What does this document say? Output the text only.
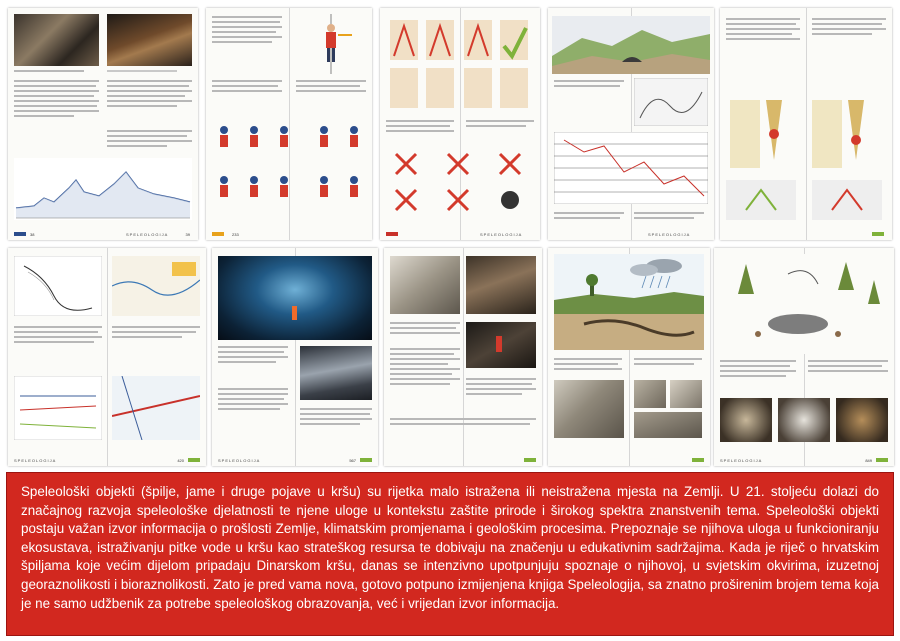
38	SPELEOLOGIJA	39	233	SPELEOLOGIJA	SPELEOLOGIJA
SPELEOLOGIJA	420	SPELEOLOGIJA	567	SPELEOLOGIJA	849

Speleološki objekti (špilje, jame i druge pojave u kršu) su rijetka malo istražena ili neistražena mjesta na Zemlji. U 21. stoljeću dolazi do značajnog razvoja speleološke djelatnosti te njene uloge u kontekstu zaštite prirode i širokog spektra znanstvenih tema. Speleološki objekti postaju važan izvor informacija o prošlosti Zemlje, klimatskim promjenama i geološkim procesima. Prepoznaje se njihova uloga u funkcioniranju ekosustava, istraživanju pitke vode u kršu kao strateškog resursa te dobivaju na značenju u edukativnim sadržajima. Kada je riječ o hrvatskim špiljama koje većim dijelom pripadaju Dinarskom kršu, danas se intenzivno upotpunjuju spoznaje o njihovoj, u svjetskim okvirima, izuzetnoj georaznolikosti i bioraznolikosti. Zato je pred vama nova, gotovo potpuno izmijenjena knjiga Speleologija, sa znatno proširenim brojem tema koja je ne samo udžbenik za potrebe speleološkog obrazovanja, već i vrijedan izvor informacija.
